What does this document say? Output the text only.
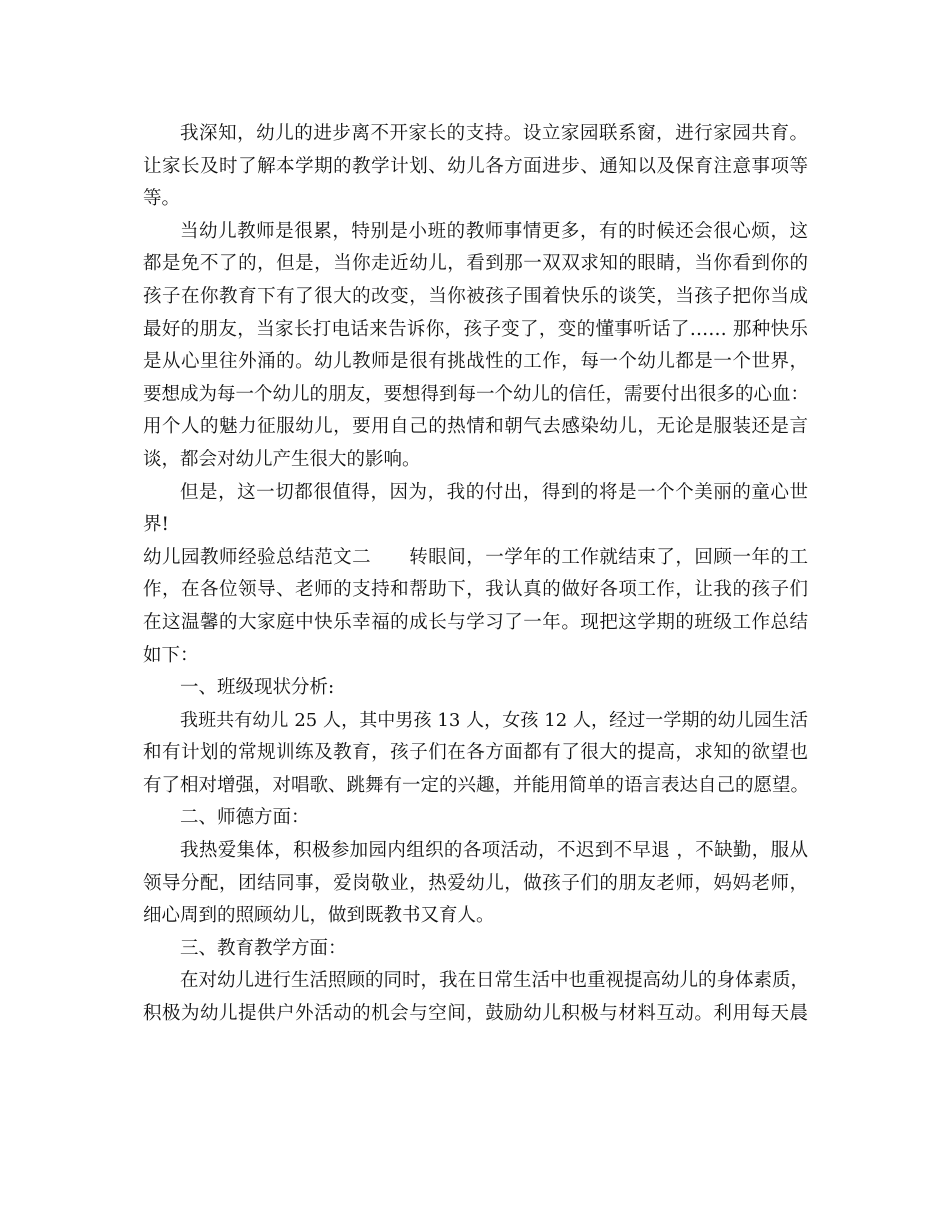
我深知，幼儿的进步离不开家长的支持。设立家园联系窗，进行家园共育。
让家长及时了解本学期的教学计划、幼儿各方面进步、通知以及保育注意事项等
等。
当幼儿教师是很累，特别是小班的教师事情更多，有的时候还会很心烦，这
都是免不了的，但是，当你走近幼儿，看到那一双双求知的眼睛，当你看到你的
孩子在你教育下有了很大的改变，当你被孩子围着快乐的谈笑，当孩子把你当成
最好的朋友，当家长打电话来告诉你，孩子变了，变的懂事听话了…… 那种快乐
是从心里往外涌的。幼儿教师是很有挑战性的工作，每一个幼儿都是一个世界，
要想成为每一个幼儿的朋友，要想得到每一个幼儿的信任，需要付出很多的心血：
用个人的魅力征服幼儿，要用自己的热情和朝气去感染幼儿，无论是服装还是言
谈，都会对幼儿产生很大的影响。
但是，这一切都很值得，因为，我的付出，得到的将是一个个美丽的童心世
界!
幼儿园教师经验总结范文二　　转眼间，一学年的工作就结束了，回顾一年的工
作，在各位领导、老师的支持和帮助下，我认真的做好各项工作，让我的孩子们
在这温馨的大家庭中快乐幸福的成长与学习了一年。现把这学期的班级工作总结
如下：
一、班级现状分析:
我班共有幼儿 25 人，其中男孩 13 人，女孩 12 人，经过一学期的幼儿园生活
和有计划的常规训练及教育，孩子们在各方面都有了很大的提高，求知的欲望也
有了相对增强，对唱歌、跳舞有一定的兴趣，并能用简单的语言表达自己的愿望。
二、师德方面：
我热爱集体，积极参加园内组织的各项活动，不迟到不早退 ，不缺勤，服从
领导分配，团结同事，爱岗敬业，热爱幼儿，做孩子们的朋友老师，妈妈老师，
细心周到的照顾幼儿，做到既教书又育人。
三、教育教学方面：
在对幼儿进行生活照顾的同时，我在日常生活中也重视提高幼儿的身体素质，
积极为幼儿提供户外活动的机会与空间，鼓励幼儿积极与材料互动。利用每天晨
